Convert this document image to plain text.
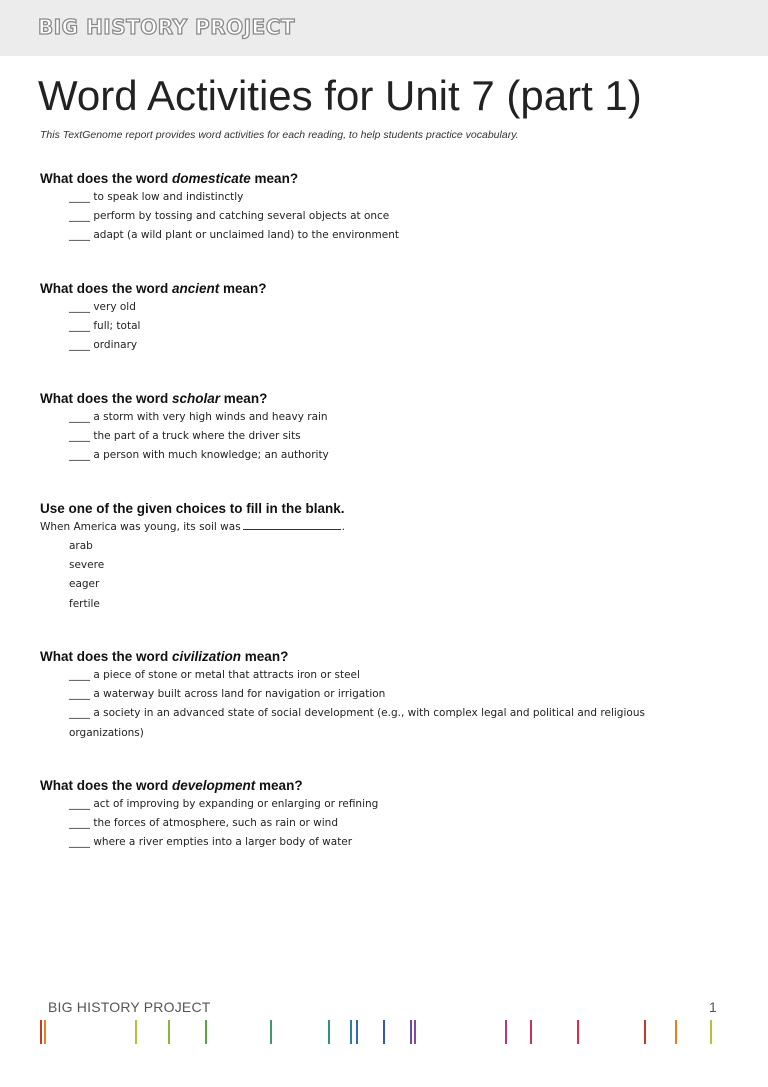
BIG HISTORY PROJECT
Word Activities for Unit 7 (part 1)

This TextGenome report provides word activities for each reading, to help students practice vocabulary.

What does the word domesticate mean?
____ to speak low and indistinctly
____ perform by tossing and catching several objects at once
____ adapt (a wild plant or unclaimed land) to the environment
What does the word ancient mean?
____ very old
____ full; total
____ ordinary
What does the word scholar mean?
____ a storm with very high winds and heavy rain
____ the part of a truck where the driver sits
____ a person with much knowledge; an authority
Use one of the given choices to fill in the blank.
When America was young, its soil was	.
arab
severe
eager
fertile
What does the word civilization mean?
____ a piece of stone or metal that attracts iron or steel
____ a waterway built across land for navigation or irrigation
____ a society in an advanced state of social development (e.g., with complex legal and political and religious organizations)
What does the word development mean?
____ act of improving by expanding or enlarging or refining
____ the forces of atmosphere, such as rain or wind
____ where a river empties into a larger body of water
BIG HISTORY PROJECT	1
